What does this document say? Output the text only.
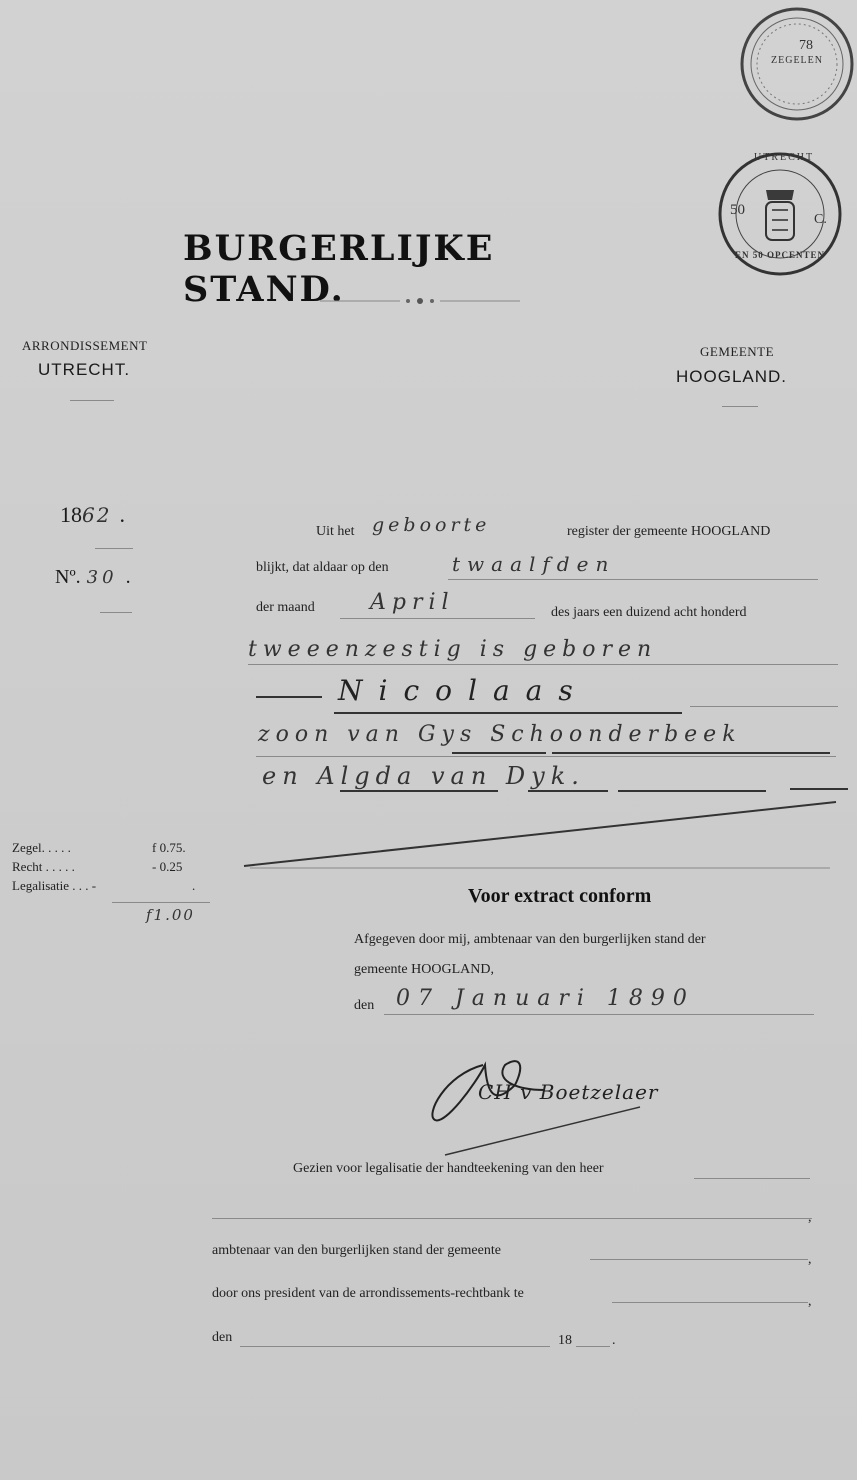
78
ZEGELEN
UTRECHT
50
C.
EN 50 OPCENTEN
BURGERLIJKE STAND.
ARRONDISSEMENT
UTRECHT.
GEMEENTE
HOOGLAND.
1862 .
Nº. 30 .
Uit het geboorte	register der gemeente HOOGLAND
blijkt, dat aldaar op den	twaalfden
der maand	April	des jaars een duizend acht honderd
tweeenzestig is geboren
Nicolaas
zoon van Gys Schoonderbeek
en Algda van Dyk.
Zegel. . . . .	f 0.75.
Recht . . . . .	- 0.25
Legalisatie . . . -	.
f1.00
Voor extract conform
Afgegeven door mij, ambtenaar van den burgerlijken stand der
gemeente HOOGLAND,
den 07 Januari 1890
CH v Boetzelaer
Gezien voor legalisatie der handteekening van den heer
,
ambtenaar van den burgerlijken stand der gemeente
,
door ons president van de arrondissements-rechtbank te
,
den	18	.
